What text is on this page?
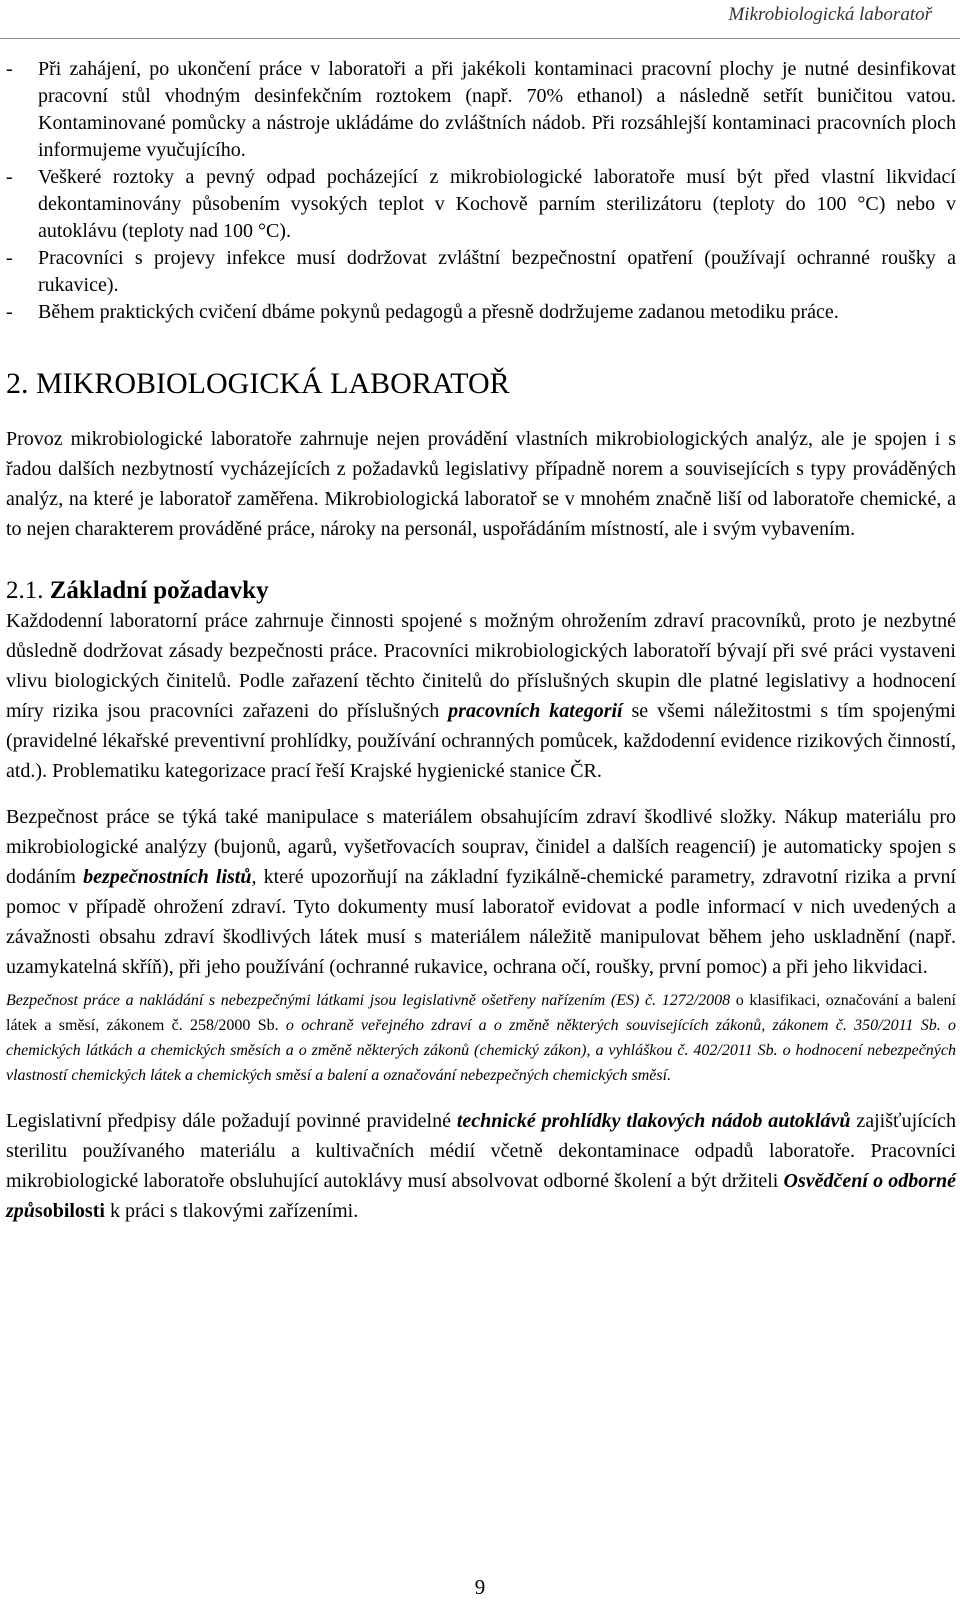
Mikrobiologická laboratoř
-	Při zahájení, po ukončení práce v laboratoři a při jakékoli kontaminaci pracovní plochy je nutné desinfikovat pracovní stůl vhodným desinfekčním roztokem (např. 70% ethanol) a následně setřít buničitou vatou. Kontaminované pomůcky a nástroje ukládáme do zvláštních nádob. Při rozsáhlejší kontaminaci pracovních ploch informujeme vyučujícího.
-	Veškeré roztoky a pevný odpad pocházející z mikrobiologické laboratoře musí být před vlastní likvidací dekontaminovány působením vysokých teplot v Kochově parním sterilizátoru (teploty do 100 °C) nebo v autoklávu (teploty nad 100 °C).
-	Pracovníci s projevy infekce musí dodržovat zvláštní bezpečnostní opatření (používají ochranné roušky a rukavice).
-	Během praktických cvičení dbáme pokynů pedagogů a přesně dodržujeme zadanou metodiku práce.
2. MIKROBIOLOGICKÁ LABORATOŘ

Provoz mikrobiologické laboratoře zahrnuje nejen provádění vlastních mikrobiologických analýz, ale je spojen i s řadou dalších nezbytností vycházejících z požadavků legislativy případně norem a souvisejících s typy prováděných analýz, na které je laboratoř zaměřena. Mikrobiologická laboratoř se v mnohém značně liší od laboratoře chemické, a to nejen charakterem prováděné práce, nároky na personál, uspořádáním místností, ale i svým vybavením.

2.1. Základní požadavky

Každodenní laboratorní práce zahrnuje činnosti spojené s možným ohrožením zdraví pracovníků, proto je nezbytné důsledně dodržovat zásady bezpečnosti práce. Pracovníci mikrobiologických laboratoří bývají při své práci vystaveni vlivu biologických činitelů. Podle zařazení těchto činitelů do příslušných skupin dle platné legislativy a hodnocení míry rizika jsou pracovníci zařazeni do příslušných pracovních kategorií se všemi náležitostmi s tím spojenými (pravidelné lékařské preventivní prohlídky, používání ochranných pomůcek, každodenní evidence rizikových činností, atd.). Problematiku kategorizace prací řeší Krajské hygienické stanice ČR.

Bezpečnost práce se týká také manipulace s materiálem obsahujícím zdraví škodlivé složky. Nákup materiálu pro mikrobiologické analýzy (bujonů, agarů, vyšetřovacích souprav, činidel a dalších reagencií) je automaticky spojen s dodáním bezpečnostních listů, které upozorňují na základní fyzikálně-chemické parametry, zdravotní rizika a první pomoc v případě ohrožení zdraví. Tyto dokumenty musí laboratoř evidovat a podle informací v nich uvedených a závažnosti obsahu zdraví škodlivých látek musí s materiálem náležitě manipulovat během jeho uskladnění (např. uzamykatelná skříň), při jeho používání (ochranné rukavice, ochrana očí, roušky, první pomoc) a při jeho likvidaci.

Bezpečnost práce a nakládání s nebezpečnými látkami jsou legislativně ošetřeny nařízením (ES) č. 1272/2008 o klasifikaci, označování a balení látek a směsí, zákonem č. 258/2000 Sb. o ochraně veřejného zdraví a o změně některých souvisejících zákonů, zákonem č. 350/2011 Sb. o chemických látkách a chemických směsích a o změně některých zákonů (chemický zákon), a vyhláškou č. 402/2011 Sb. o hodnocení nebezpečných vlastností chemických látek a chemických směsí a balení a označování nebezpečných chemických směsí.

Legislativní předpisy dále požadují povinné pravidelné technické prohlídky tlakových nádob autoklávů zajišťujících sterilitu používaného materiálu a kultivačních médií včetně dekontaminace odpadů laboratoře. Pracovníci mikrobiologické laboratoře obsluhující autoklávy musí absolvovat odborné školení a být držiteli Osvědčení o odborné způsobilosti k práci s tlakovými zařízeními.

9
